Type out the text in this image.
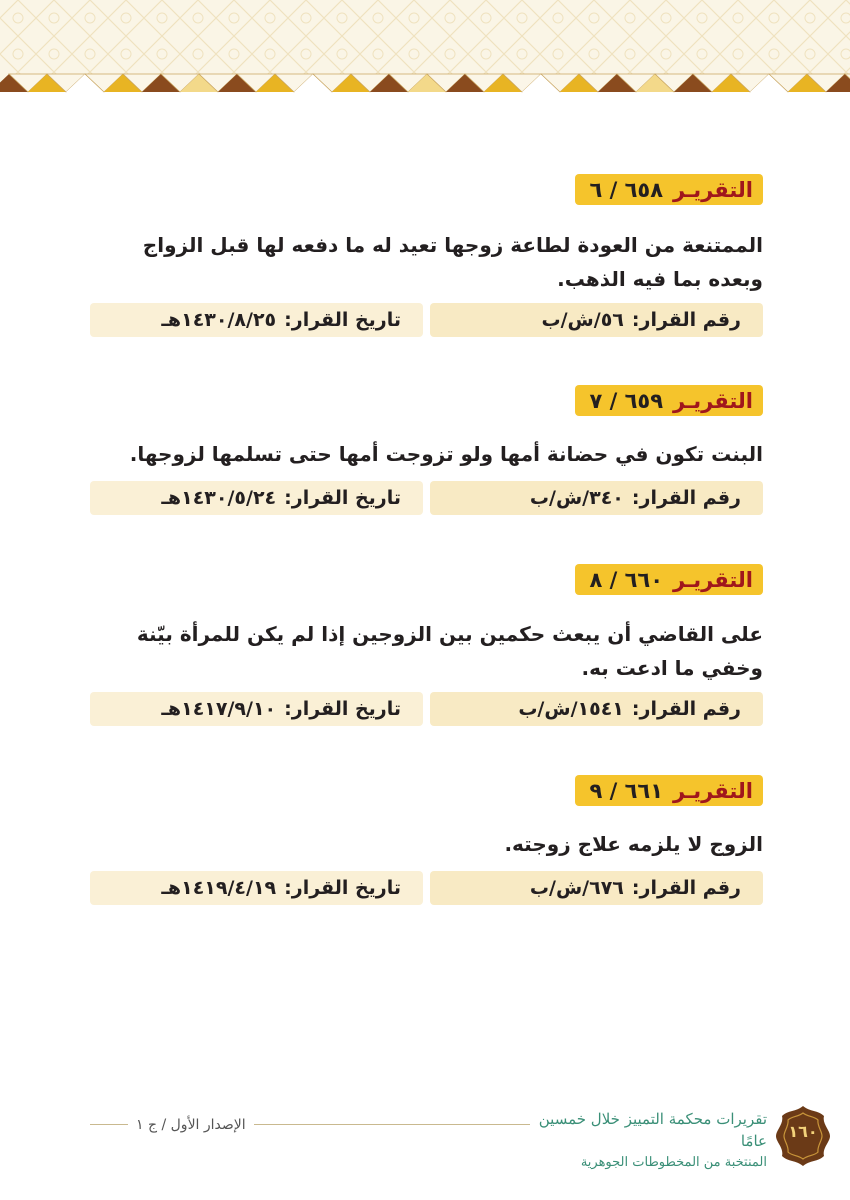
التقريـر
٦٥٨ / ٦
الممتنعة من العودة لطاعة زوجها تعيد له ما دفعه لها قبل الزواج وبعده بما فيه الذهب.
رقم القرار:
٥٦/ش/ب
تاريخ القرار:
١٤٣٠/٨/٢٥هـ
التقريـر
٦٥٩ / ٧
البنت تكون في حضانة أمها ولو تزوجت أمها حتى تسلمها لزوجها.
رقم القرار:
٣٤٠/ش/ب
تاريخ القرار:
١٤٣٠/٥/٢٤هـ
التقريـر
٦٦٠ / ٨
على القاضي أن يبعث حكمين بين الزوجين إذا لم يكن للمرأة بيّنة وخفي ما ادعت به.
رقم القرار:
١٥٤١/ش/ب
تاريخ القرار:
١٤١٧/٩/١٠هـ
التقريـر
٦٦١ / ٩
الزوج لا يلزمه علاج زوجته.
رقم القرار:
٦٧٦/ش/ب
تاريخ القرار:
١٤١٩/٤/١٩هـ
الإصدار الأول / ج ١	تقريرات محكمة التمييز خلال خمسين عامًا
المنتخبة من المخطوطات الجوهرية
١٦٠
